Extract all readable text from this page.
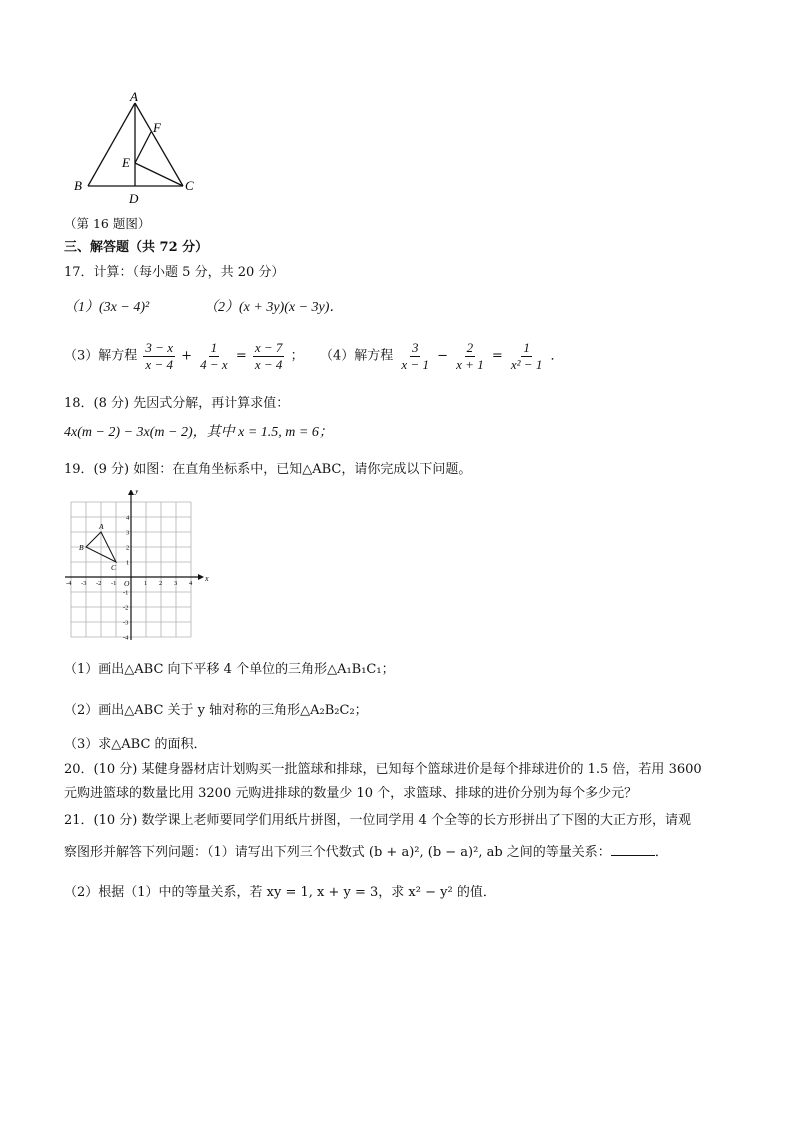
A
F
E
B	C
D
（第 16 题图）
三、解答题（共 72 分）
17．计算：（每小题 5 分，共 20 分）
（1）(3x − 4)²	（2）(x + 3y)(x − 3y)．
（3）解方程 $\frac{3 - x}{x - 4} + \frac{1}{4 - x} = \frac{x - 7}{x - 4}$ ； （4）解方程 $\frac{3}{x - 1} - \frac{2}{x + 1} = \frac{1}{\text{x² − 1}}$ ．
18．(8 分) 先因式分解，再计算求值：
4x(m − 2) − 3x(m − 2)，其中 x = 1.5, m = 6；
19．(9 分) 如图：在直角坐标系中，已知△ABC，请你完成以下问题。
x
y
O
-4 -3 -2 -1	1 2 3 4
4
3
2
1
-1
-2
-3
-4
A
B
C
（1）画出△ABC 向下平移 4 个单位的三角形△A₁B₁C₁；
（2）画出△ABC 关于 y 轴对称的三角形△A₂B₂C₂；
（3）求△ABC 的面积．
20．(10 分) 某健身器材店计划购买一批篮球和排球，已知每个篮球进价是每个排球进价的 1.5 倍，若用 3600
元购进篮球的数量比用 3200 元购进排球的数量少 10 个，求篮球、排球的进价分别为每个多少元？
21．(10 分) 数学课上老师要同学们用纸片拼图，一位同学用 4 个全等的长方形拼出了下图的大正方形，请观
察图形并解答下列问题：（1）请写出下列三个代数式 (b + a)², (b − a)², ab 之间的等量关系：	．
（2）根据（1）中的等量关系，若 xy = 1, x + y = 3，求 x² − y² 的值．
